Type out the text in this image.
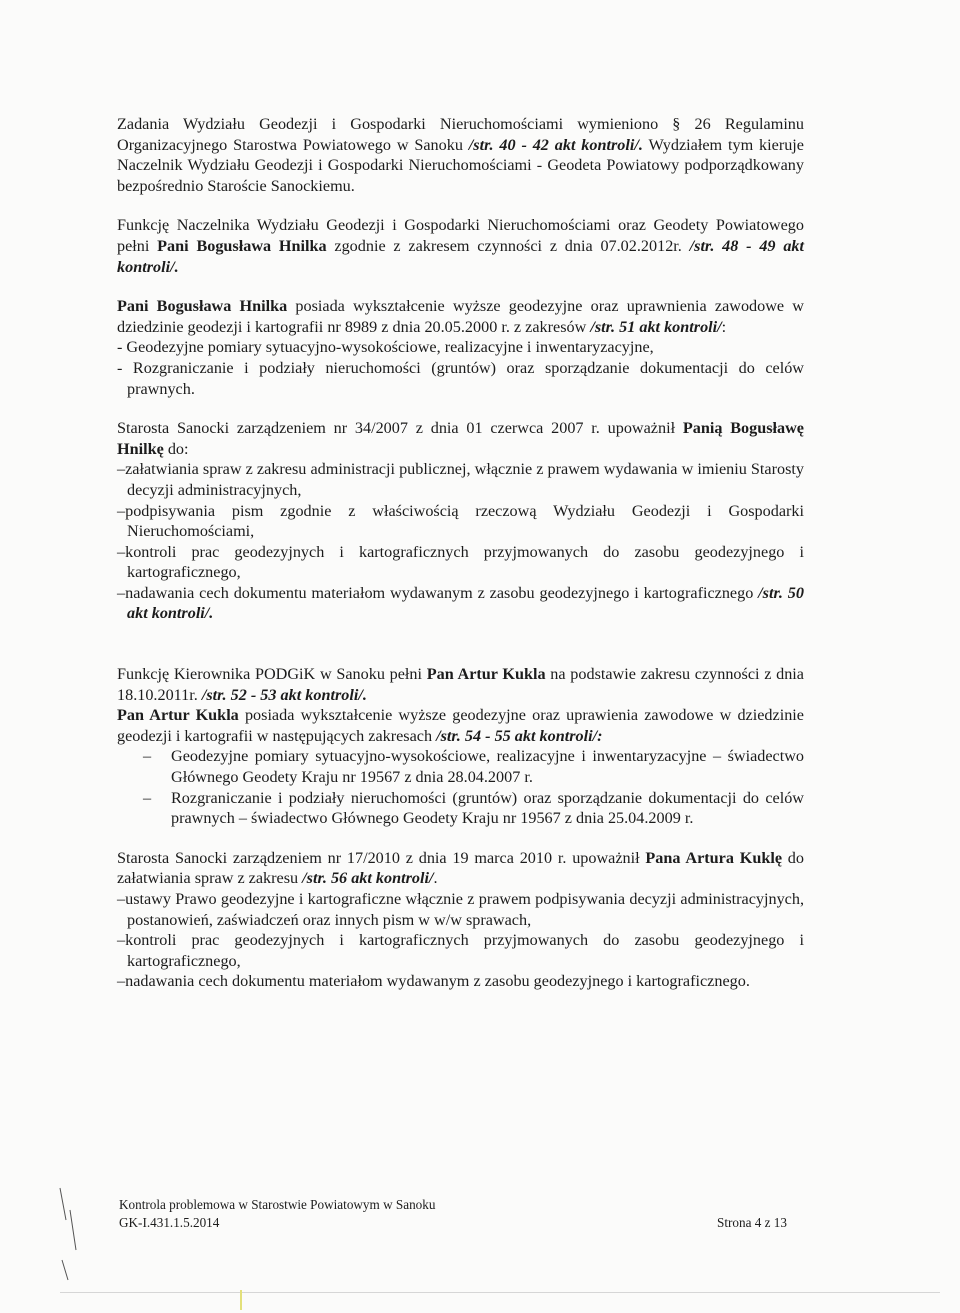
Zadania Wydziału Geodezji i Gospodarki Nieruchomościami wymieniono § 26 Regulaminu Organizacyjnego Starostwa Powiatowego w Sanoku /str. 40 - 42 akt kontroli/. Wydziałem tym kieruje Naczelnik Wydziału Geodezji i Gospodarki Nieruchomościami - Geodeta Powiatowy podporządkowany bezpośrednio Staroście Sanockiemu.

Funkcję Naczelnika Wydziału Geodezji i Gospodarki Nieruchomościami oraz Geodety Powiatowego pełni Pani Bogusława Hnilka zgodnie z zakresem czynności z dnia 07.02.2012r. /str. 48 - 49 akt kontroli/.

Pani Bogusława Hnilka posiada wykształcenie wyższe geodezyjne oraz uprawnienia zawodowe w dziedzinie geodezji i kartografii nr 8989 z dnia 20.05.2000 r. z zakresów /str. 51 akt kontroli/:

- Geodezyjne pomiary sytuacyjno-wysokościowe, realizacyjne i inwentaryzacyjne,
- Rozgraniczanie i podziały nieruchomości (gruntów) oraz sporządzanie dokumentacji do celów prawnych.

Starosta Sanocki zarządzeniem nr 34/2007 z dnia 01 czerwca 2007 r. upoważnił Panią Bogusławę Hnilkę do:

–załatwiania spraw z zakresu administracji publicznej, włącznie z prawem wydawania w imieniu Starosty decyzji administracyjnych,
–podpisywania pism zgodnie z właściwością rzeczową Wydziału Geodezji i Gospodarki Nieruchomościami,
–kontroli prac geodezyjnych i kartograficznych przyjmowanych do zasobu geodezyjnego i kartograficznego,
–nadawania cech dokumentu materiałom wydawanym z zasobu geodezyjnego i kartograficznego /str. 50 akt kontroli/.

Funkcję Kierownika PODGiK w Sanoku pełni Pan Artur Kukla na podstawie zakresu czynności z dnia 18.10.2011r. /str. 52 - 53 akt kontroli/.

Pan Artur Kukla posiada wykształcenie wyższe geodezyjne oraz uprawienia zawodowe w dziedzinie geodezji i kartografii w następujących zakresach /str. 54 - 55 akt kontroli/:

– Geodezyjne pomiary sytuacyjno-wysokościowe, realizacyjne i inwentaryzacyjne – świadectwo Głównego Geodety Kraju nr 19567 z dnia 28.04.2007 r.
– Rozgraniczanie i podziały nieruchomości (gruntów) oraz sporządzanie dokumentacji do celów prawnych – świadectwo Głównego Geodety Kraju nr 19567 z dnia 25.04.2009 r.

Starosta Sanocki zarządzeniem nr 17/2010 z dnia 19 marca 2010 r. upoważnił Pana Artura Kuklę do załatwiania spraw z zakresu /str. 56 akt kontroli/.

–ustawy Prawo geodezyjne i kartograficzne włącznie z prawem podpisywania decyzji administracyjnych, postanowień, zaświadczeń oraz innych pism w w/w sprawach,
–kontroli prac geodezyjnych i kartograficznych przyjmowanych do zasobu geodezyjnego i kartograficznego,
–nadawania cech dokumentu materiałom wydawanym z zasobu geodezyjnego i kartograficznego.
Kontrola problemowa w Starostwie Powiatowym w Sanoku
GK-I.431.1.5.2014	Strona 4 z 13
